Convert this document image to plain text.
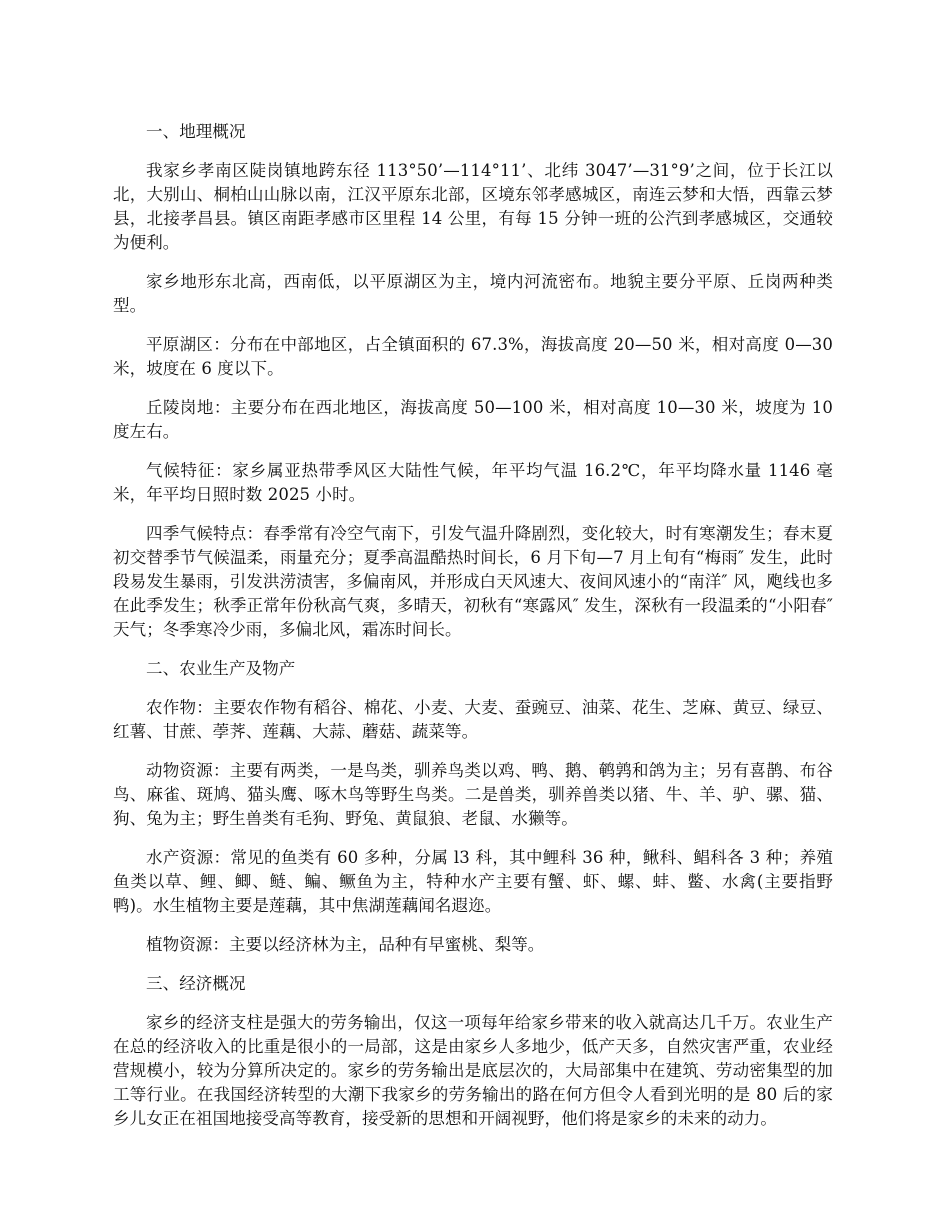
一、地理概况

我家乡孝南区陡岗镇地跨东径 113°50’—114°11’、北纬 3047’—31°9’之间，位于长江以北，大别山、桐柏山山脉以南，江汉平原东北部，区境东邻孝感城区，南连云梦和大悟，西靠云梦县，北接孝昌县。镇区南距孝感市区里程 14 公里，有每 15 分钟一班的公汽到孝感城区，交通较为便利。

家乡地形东北高，西南低，以平原湖区为主，境内河流密布。地貌主要分平原、丘岗两种类型。

平原湖区：分布在中部地区，占全镇面积的 67.3%，海拔高度 20—50 米，相对高度 0—30 米，坡度在 6 度以下。

丘陵岗地：主要分布在西北地区，海拔高度 50—100 米，相对高度 10—30 米，坡度为 10 度左右。

气候特征：家乡属亚热带季风区大陆性气候，年平均气温 16.2℃，年平均降水量 1146 毫米，年平均日照时数 2025 小时。

四季气候特点：春季常有冷空气南下，引发气温升降剧烈，变化较大，时有寒潮发生；春末夏初交替季节气候温柔，雨量充分；夏季高温酷热时间长，6 月下旬—7 月上旬有“梅雨″ 发生，此时段易发生暴雨，引发洪涝渍害，多偏南风，并形成白天风速大、夜间风速小的“南洋″ 风，飑线也多在此季发生；秋季正常年份秋高气爽，多晴天，初秋有“寒露风″ 发生，深秋有一段温柔的“小阳春″ 天气；冬季寒冷少雨，多偏北风，霜冻时间长。

二、农业生产及物产

农作物：主要农作物有稻谷、棉花、小麦、大麦、蚕豌豆、油菜、花生、芝麻、黄豆、绿豆、红薯、甘蔗、荸荠、莲藕、大蒜、蘑菇、蔬菜等。

动物资源：主要有两类，一是鸟类，驯养鸟类以鸡、鸭、鹅、鹌鹑和鸽为主；另有喜鹊、布谷鸟、麻雀、斑鸠、猫头鹰、啄木鸟等野生鸟类。二是兽类，驯养兽类以猪、牛、羊、驴、骡、猫、狗、兔为主；野生兽类有毛狗、野兔、黄鼠狼、老鼠、水獭等。

水产资源：常见的鱼类有 60 多种，分属 l3 科，其中鲤科 36 种，鳅科、鲳科各 3 种；养殖鱼类以草、鲤、鲫、鲢、鳊、鳜鱼为主，特种水产主要有蟹、虾、螺、蚌、鳖、水禽(主要指野鸭)。水生植物主要是莲藕，其中焦湖莲藕闻名遐迩。

植物资源：主要以经济林为主，品种有早蜜桃、梨等。

三、经济概况

家乡的经济支柱是强大的劳务输出，仅这一项每年给家乡带来的收入就高达几千万。农业生产在总的经济收入的比重是很小的一局部，这是由家乡人多地少，低产天多，自然灾害严重，农业经营规模小，较为分算所决定的。家乡的劳务输出是底层次的，大局部集中在建筑、劳动密集型的加工等行业。在我国经济转型的大潮下我家乡的劳务输出的路在何方但令人看到光明的是 80 后的家乡儿女正在祖国地接受高等教育，接受新的思想和开阔视野，他们将是家乡的未来的动力。
